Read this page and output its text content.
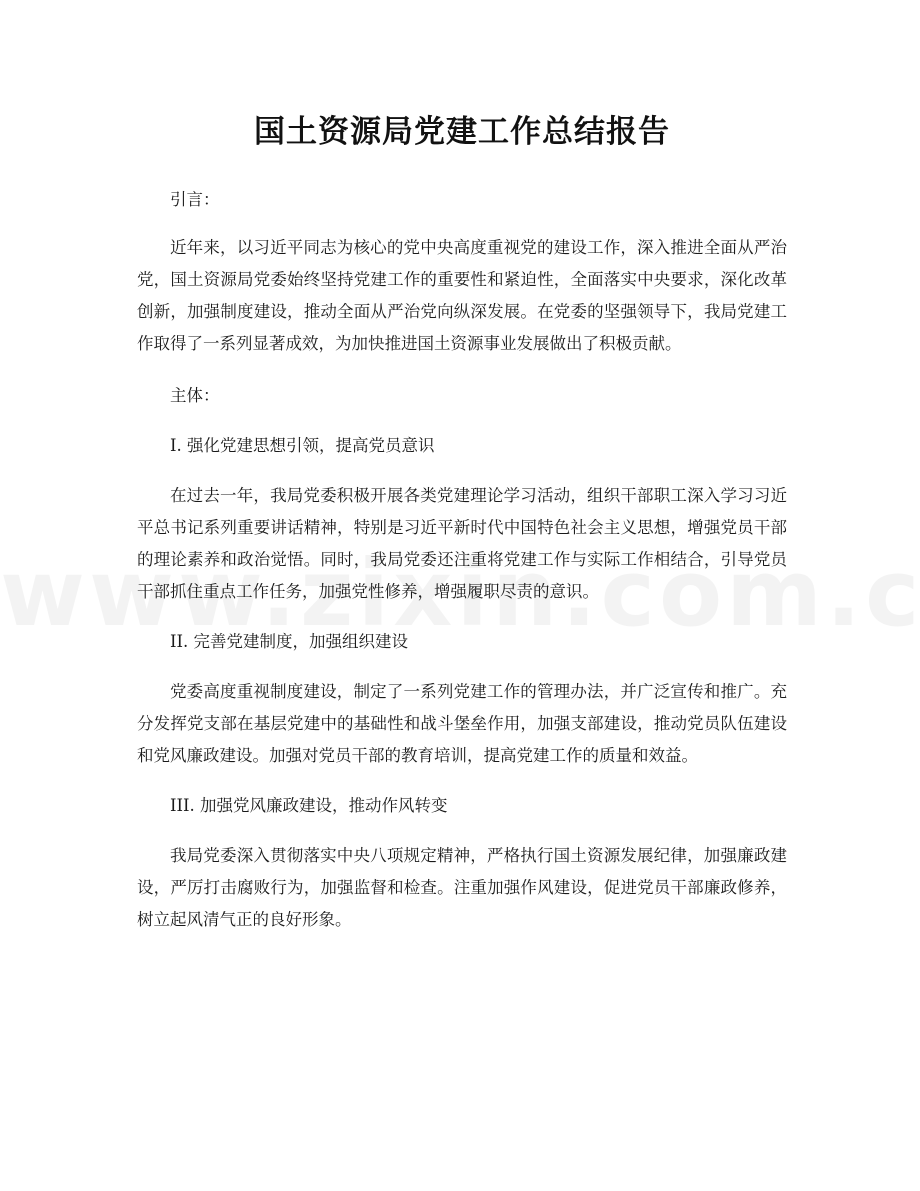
国土资源局党建工作总结报告

引言：

近年来，以习近平同志为核心的党中央高度重视党的建设工作，深入推进全面从严治党，国土资源局党委始终坚持党建工作的重要性和紧迫性，全面落实中央要求，深化改革创新，加强制度建设，推动全面从严治党向纵深发展。在党委的坚强领导下，我局党建工作取得了一系列显著成效，为加快推进国土资源事业发展做出了积极贡献。

主体：

I. 强化党建思想引领，提高党员意识

在过去一年，我局党委积极开展各类党建理论学习活动，组织干部职工深入学习习近平总书记系列重要讲话精神，特别是习近平新时代中国特色社会主义思想，增强党员干部的理论素养和政治觉悟。同时，我局党委还注重将党建工作与实际工作相结合，引导党员干部抓住重点工作任务，加强党性修养，增强履职尽责的意识。

II. 完善党建制度，加强组织建设

党委高度重视制度建设，制定了一系列党建工作的管理办法，并广泛宣传和推广。充分发挥党支部在基层党建中的基础性和战斗堡垒作用，加强支部建设，推动党员队伍建设和党风廉政建设。加强对党员干部的教育培训，提高党建工作的质量和效益。

III. 加强党风廉政建设，推动作风转变

我局党委深入贯彻落实中央八项规定精神，严格执行国土资源发展纪律，加强廉政建设，严厉打击腐败行为，加强监督和检查。注重加强作风建设，促进党员干部廉政修养，树立起风清气正的良好形象。
